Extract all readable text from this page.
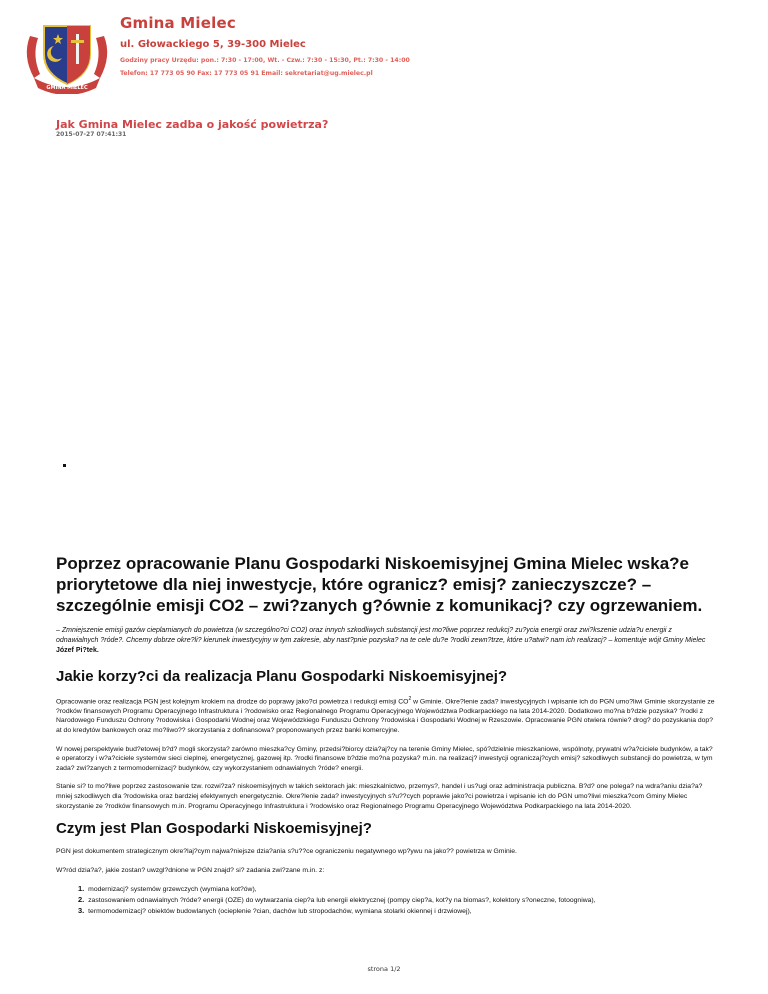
GMINA MIELEC
Gmina Mielec
ul. Głowackiego 5, 39-300 Mielec
Godziny pracy Urzędu: pon.: 7:30 - 17:00, Wt. - Czw.: 7:30 - 15:30, Pt.: 7:30 - 14:00
Telefon: 17 773 05 90 Fax: 17 773 05 91 Email: sekretariat@ug.mielec.pl
Jak Gmina Mielec zadba o jakość powietrza?
2015-07-27 07:41:31
Poprzez opracowanie Planu Gospodarki Niskoemisyjnej Gmina Mielec wska?e priorytetowe dla niej inwestycje, które ogranicz? emisj? zanieczyszcze? – szczególnie emisji CO2 – zwi?zanych g?ównie z komunikacj? czy ogrzewaniem.

– Zmniejszenie emisji gazów cieplarnianych do powietrza (w szczególno?ci CO2) oraz innych szkodliwych substancji jest mo?liwe poprzez redukcj? zu?ycia energii oraz zwi?kszenie udzia?u energii z odnawialnych ?róde?. Chcemy dobrze okre?li? kierunek inwestycyjny w tym zakresie, aby nast?pnie pozyska? na te cele du?e ?rodki zewn?trze, które u?atwi? nam ich realizacj? – komentuje wójt Gminy Mielec Józef Pi?tek.

Jakie korzy?ci da realizacja Planu Gospodarki Niskoemisyjnej?

Opracowanie oraz realizacja PGN jest kolejnym krokiem na drodze do poprawy jako?ci powietrza i redukcji emisji $CO^2$ w Gminie. Okre?lenie zada? inwestycyjnych i wpisanie ich do PGN umo?liwi Gminie skorzystanie ze ?rodków finansowych Programu Operacyjnego Infrastruktura i ?rodowisko oraz Regionalnego Programu Operacyjnego Województwa Podkarpackiego na lata 2014-2020. Dodatkowo mo?na b?dzie pozyska? ?rodki z Narodowego Funduszu Ochrony ?rodowiska i Gospodarki Wodnej oraz Wojewódzkiego Funduszu Ochrony ?rodowiska i Gospodarki Wodnej w Rzeszowie. Opracowanie PGN otwiera równie? drog? do pozyskania dop?at do kredytów bankowych oraz mo?liwo?? skorzystania z dofinansowa? proponowanych przez banki komercyjne.

W nowej perspektywie bud?etowej b?d? mogli skorzysta? zarówno mieszka?cy Gminy, przedsi?biorcy dzia?aj?cy na terenie Gminy Mielec, spó?dzielnie mieszkaniowe, wspólnoty, prywatni w?a?ciciele budynków, a tak?e operatorzy i w?a?ciciele systemów sieci cieplnej, energetycznej, gazowej itp. ?rodki finansowe b?dzie mo?na pozyska? m.in. na realizacj? inwestycji ograniczaj?cych emisj? szkodliwych substancji do powietrza, w tym zada? zwi?zanych z termomodernizacj? budynków, czy wykorzystaniem odnawialnych ?róde? energii.

Stanie si? to mo?liwe poprzez zastosowanie tzw. rozwi?za? niskoemisyjnych w takich sektorach jak: mieszkalnictwo, przemys?, handel i us?ugi oraz administracja publiczna. B?d? one polega? na wdra?aniu dzia?a? mniej szkodliwych dla ?rodowiska oraz bardziej efektywnych energetycznie. Okre?lenie zada? inwestycyjnych s?u??cych poprawie jako?ci powietrza i wpisanie ich do PGN umo?liwi mieszka?com Gminy Mielec skorzystanie ze ?rodków finansowych m.in. Programu Operacyjnego Infrastruktura i ?rodowisko oraz Regionalnego Programu Operacyjnego Województwa Podkarpackiego na lata 2014-2020.

Czym jest Plan Gospodarki Niskoemisyjnej?

PGN jest dokumentem strategicznym okre?laj?cym najwa?niejsze dzia?ania s?u??ce ograniczeniu negatywnego wp?ywu na jako?? powietrza w Gminie.

W?ród dzia?a?, jakie zostan? uwzgl?dnione w PGN znajd? si? zadania zwi?zane m.in. z:

1. modernizacj? systemów grzewczych (wymiana kot?ów),
2. zastosowaniem odnawialnych ?róde? energii (OZE) do wytwarzania ciep?a lub energii elektrycznej (pompy ciep?a, kot?y na biomas?, kolektory s?oneczne, fotoogniwa),
3. termomodernizacj? obiektów budowlanych (ocieplenie ?cian, dachów lub stropodachów, wymiana stolarki okiennej i drzwiowej),
strona 1/2
